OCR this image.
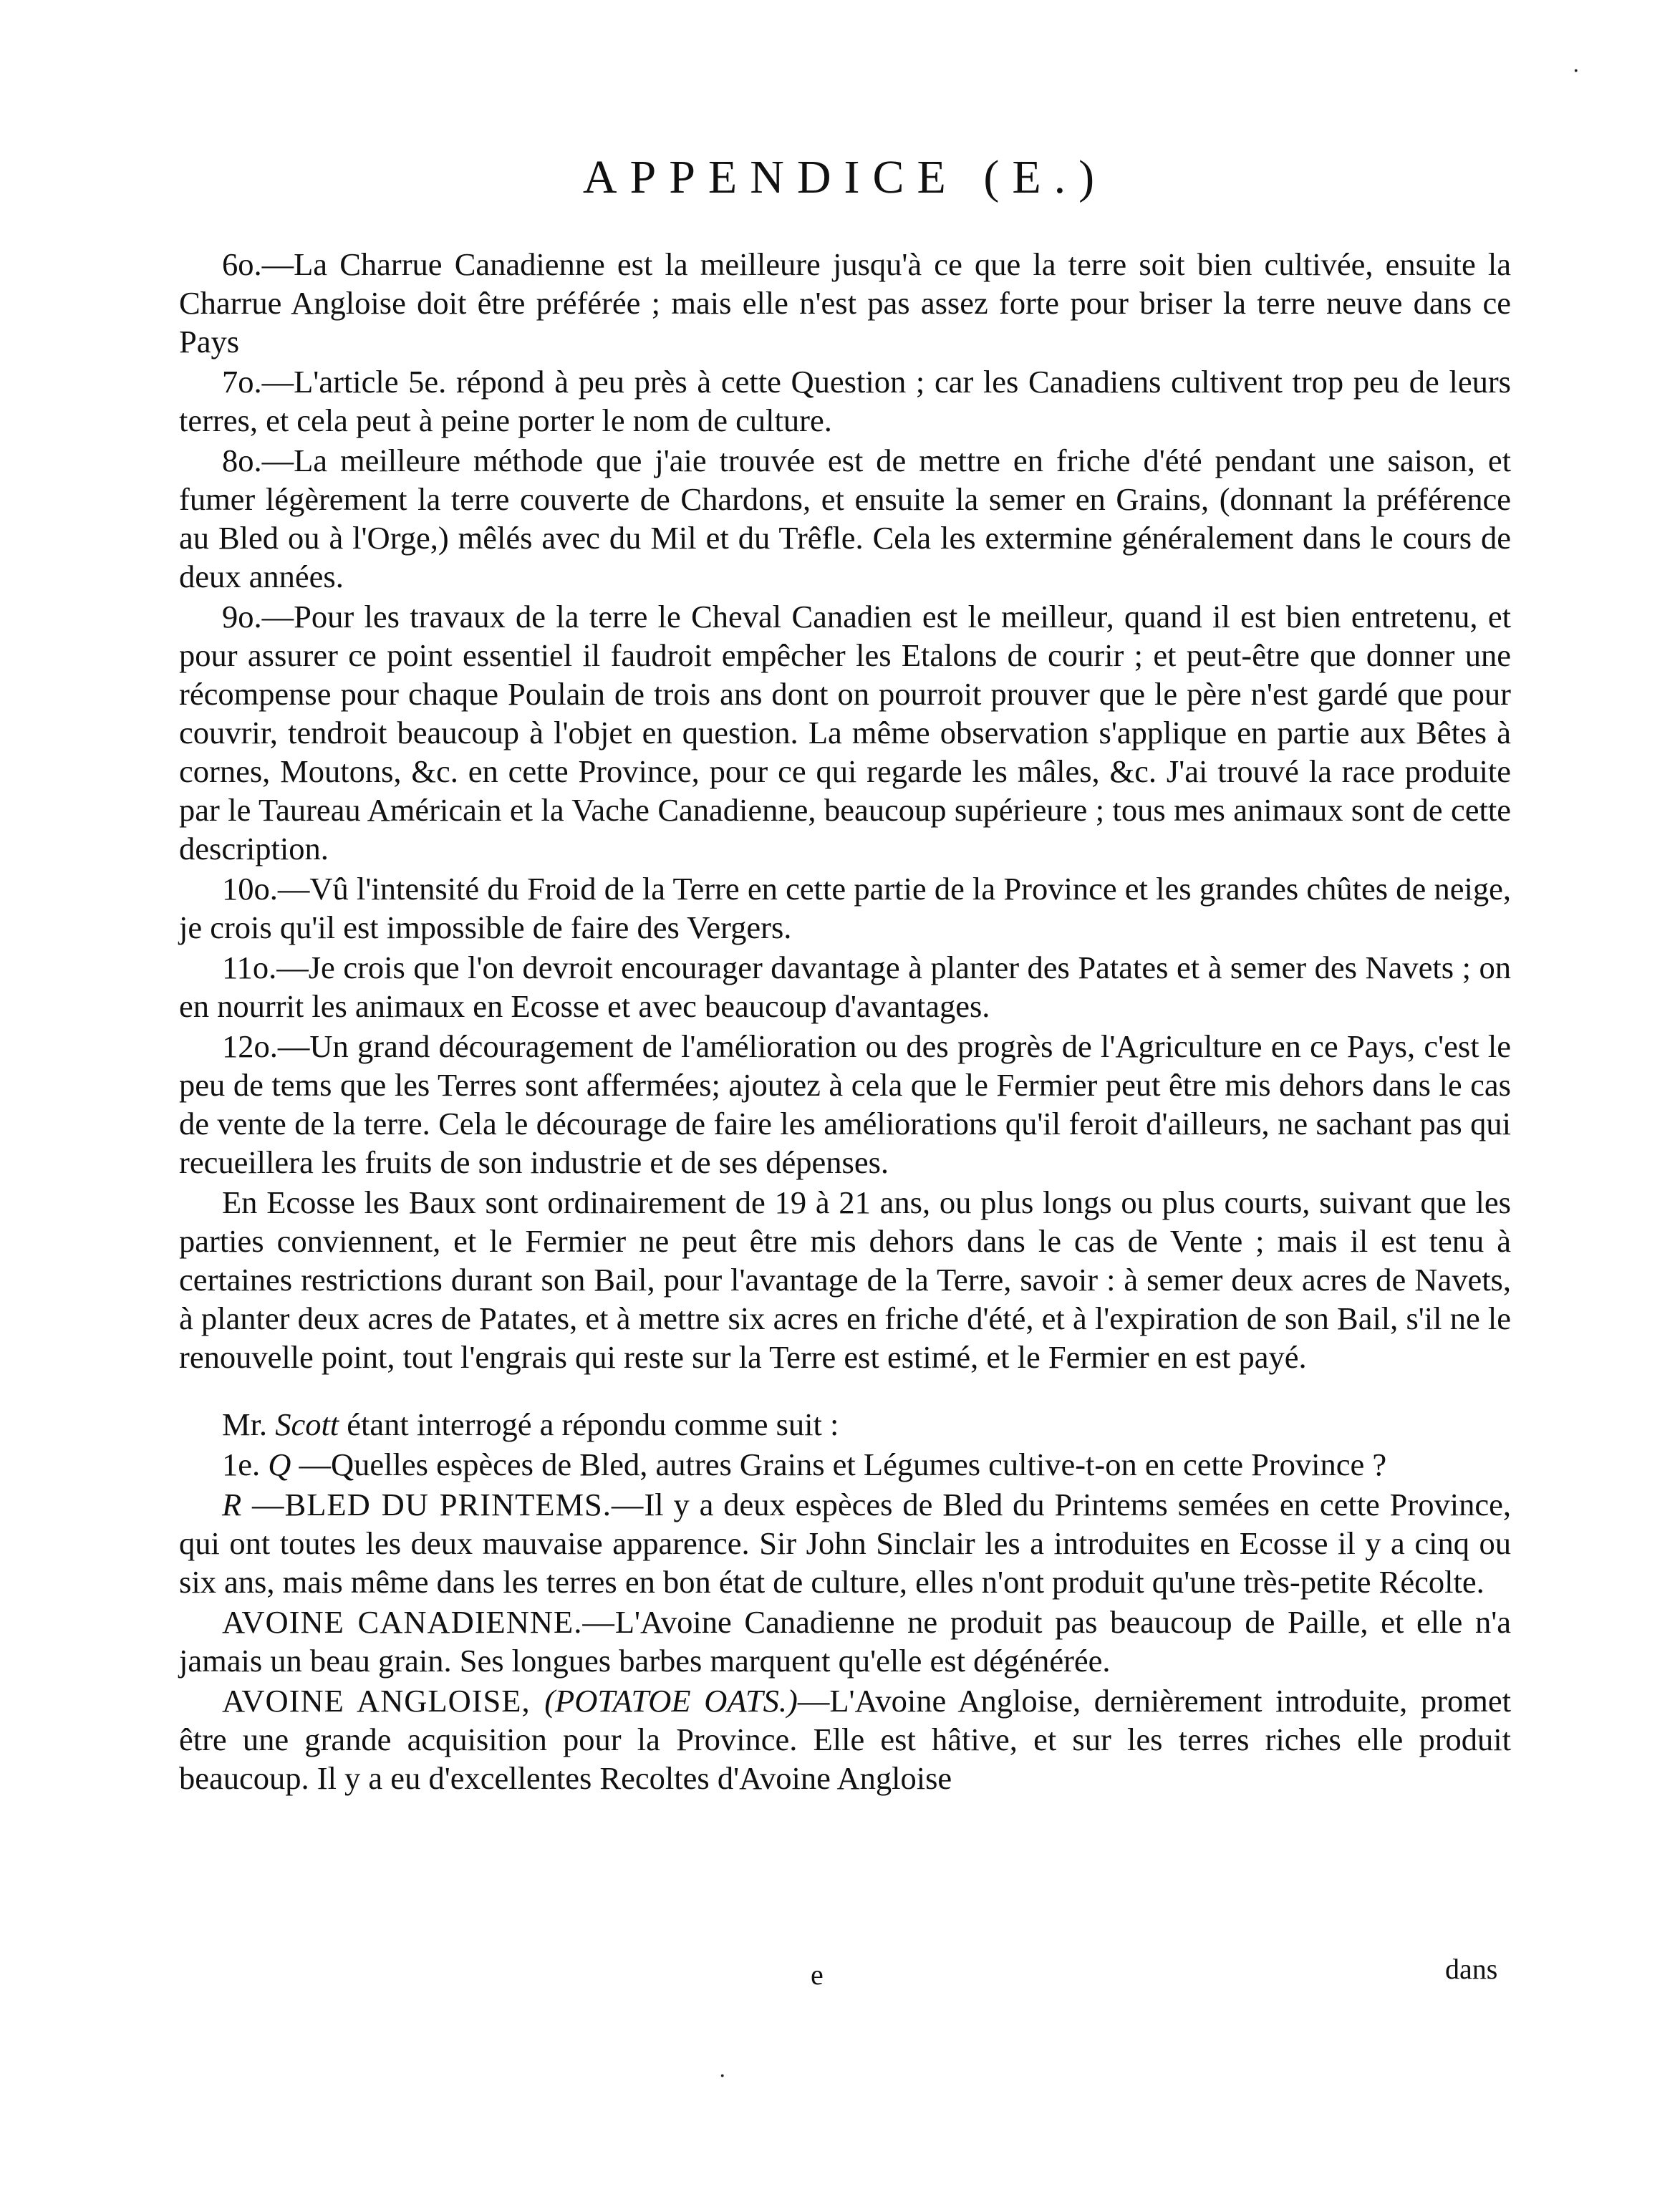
APPENDICE (E.)

6o.—La Charrue Canadienne est la meilleure jusqu'à ce que la terre soit bien cultivée, ensuite la Charrue Angloise doit être préférée ; mais elle n'est pas assez forte pour briser la terre neuve dans ce Pays

7o.—L'article 5e. répond à peu près à cette Question ; car les Canadiens cultivent trop peu de leurs terres, et cela peut à peine porter le nom de culture.

8o.—La meilleure méthode que j'aie trouvée est de mettre en friche d'été pendant une saison, et fumer légèrement la terre couverte de Chardons, et ensuite la semer en Grains, (donnant la préférence au Bled ou à l'Orge,) mêlés avec du Mil et du Trêfle. Cela les extermine généralement dans le cours de deux années.

9o.—Pour les travaux de la terre le Cheval Canadien est le meilleur, quand il est bien entretenu, et pour assurer ce point essentiel il faudroit empêcher les Etalons de courir ; et peut-être que donner une récompense pour chaque Poulain de trois ans dont on pourroit prouver que le père n'est gardé que pour couvrir, tendroit beaucoup à l'objet en question. La même observation s'applique en partie aux Bêtes à cornes, Moutons, &c. en cette Province, pour ce qui regarde les mâles, &c. J'ai trouvé la race produite par le Taureau Américain et la Vache Canadienne, beaucoup supérieure ; tous mes animaux sont de cette description.

10o.—Vû l'intensité du Froid de la Terre en cette partie de la Province et les grandes chûtes de neige, je crois qu'il est impossible de faire des Vergers.

11o.—Je crois que l'on devroit encourager davantage à planter des Patates et à semer des Navets ; on en nourrit les animaux en Ecosse et avec beaucoup d'avantages.

12o.—Un grand découragement de l'amélioration ou des progrès de l'Agriculture en ce Pays, c'est le peu de tems que les Terres sont affermées; ajoutez à cela que le Fermier peut être mis dehors dans le cas de vente de la terre. Cela le décourage de faire les améliorations qu'il feroit d'ailleurs, ne sachant pas qui recueillera les fruits de son industrie et de ses dépenses.

En Ecosse les Baux sont ordinairement de 19 à 21 ans, ou plus longs ou plus courts, suivant que les parties conviennent, et le Fermier ne peut être mis dehors dans le cas de Vente ; mais il est tenu à certaines restrictions durant son Bail, pour l'avantage de la Terre, savoir : à semer deux acres de Navets, à planter deux acres de Patates, et à mettre six acres en friche d'été, et à l'expiration de son Bail, s'il ne le renouvelle point, tout l'engrais qui reste sur la Terre est estimé, et le Fermier en est payé.

Mr. Scott étant interrogé a répondu comme suit :

1e. Q —Quelles espèces de Bled, autres Grains et Légumes cultive-t-on en cette Province ?

R —BLED DU PRINTEMS.—Il y a deux espèces de Bled du Printems semées en cette Province, qui ont toutes les deux mauvaise apparence. Sir John Sinclair les a introduites en Ecosse il y a cinq ou six ans, mais même dans les terres en bon état de culture, elles n'ont produit qu'une très-petite Récolte.

AVOINE CANADIENNE.—L'Avoine Canadienne ne produit pas beaucoup de Paille, et elle n'a jamais un beau grain. Ses longues barbes marquent qu'elle est dégénérée.

AVOINE ANGLOISE, (POTATOE OATS.)—L'Avoine Angloise, dernièrement introduite, promet être une grande acquisition pour la Province. Elle est hâtive, et sur les terres riches elle produit beaucoup. Il y a eu d'excellentes Recoltes d'Avoine Angloise

e	dans
·
·
